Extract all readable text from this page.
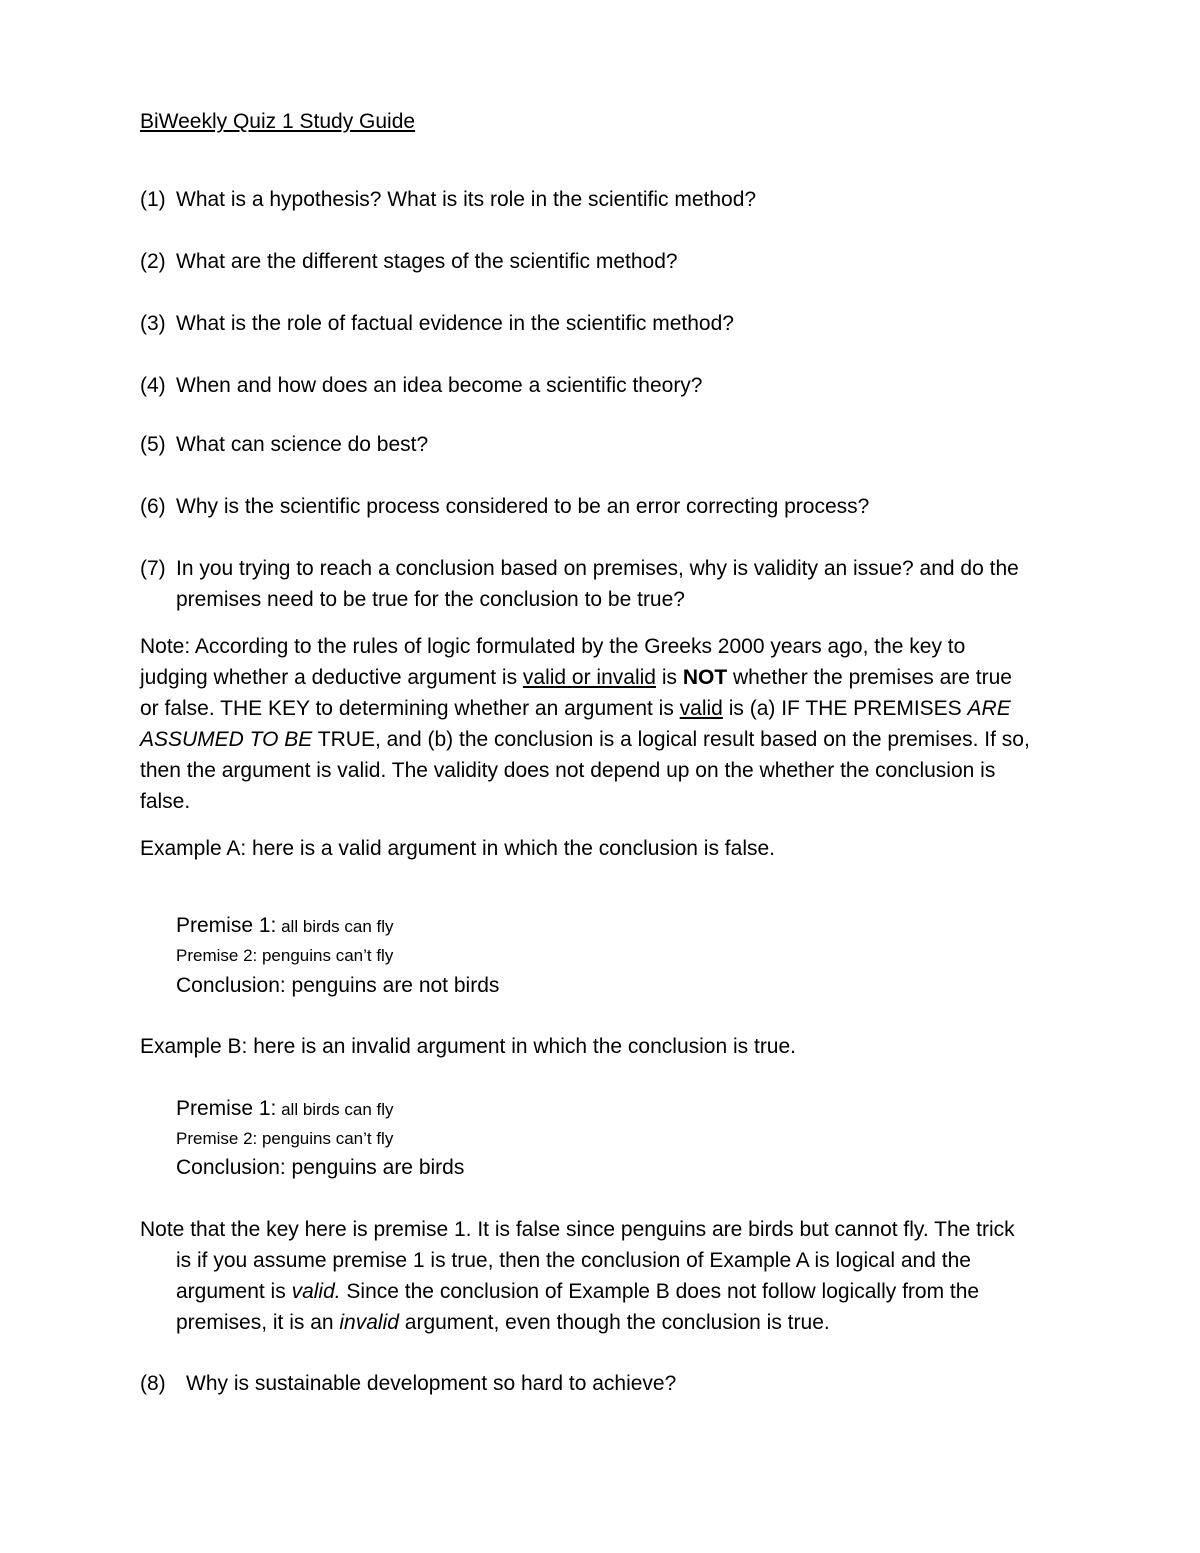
BiWeekly Quiz 1 Study Guide
(1) What is a hypothesis? What is its role in the scientific method?
(2) What are the different stages of the scientific method?
(3) What is the role of factual evidence in the scientific method?
(4) When and how does an idea become a scientific theory?
(5) What can science do best?
(6) Why is the scientific process considered to be an error correcting process?
(7) In you trying to reach a conclusion based on premises, why is validity an issue? and do the
premises need to be true for the conclusion to be true?
Note: According to the rules of logic formulated by the Greeks 2000 years ago, the key to
judging whether a deductive argument is valid or invalid is NOT whether the premises are true
or false. THE KEY to determining whether an argument is valid is (a) IF THE PREMISES ARE
ASSUMED TO BE TRUE, and (b) the conclusion is a logical result based on the premises. If so,
then the argument is valid. The validity does not depend up on the whether the conclusion is
false.
Example A: here is a valid argument in which the conclusion is false.
Premise 1: all birds can fly
Premise 2: penguins can’t fly
Conclusion: penguins are not birds
Example B: here is an invalid argument in which the conclusion is true.
Premise 1: all birds can fly
Premise 2: penguins can’t fly
Conclusion: penguins are birds
Note that the key here is premise 1. It is false since penguins are birds but cannot fly. The trick
is if you assume premise 1 is true, then the conclusion of Example A is logical and the
argument is valid. Since the conclusion of Example B does not follow logically from the
premises, it is an invalid argument, even though the conclusion is true.
(8) Why is sustainable development so hard to achieve?
